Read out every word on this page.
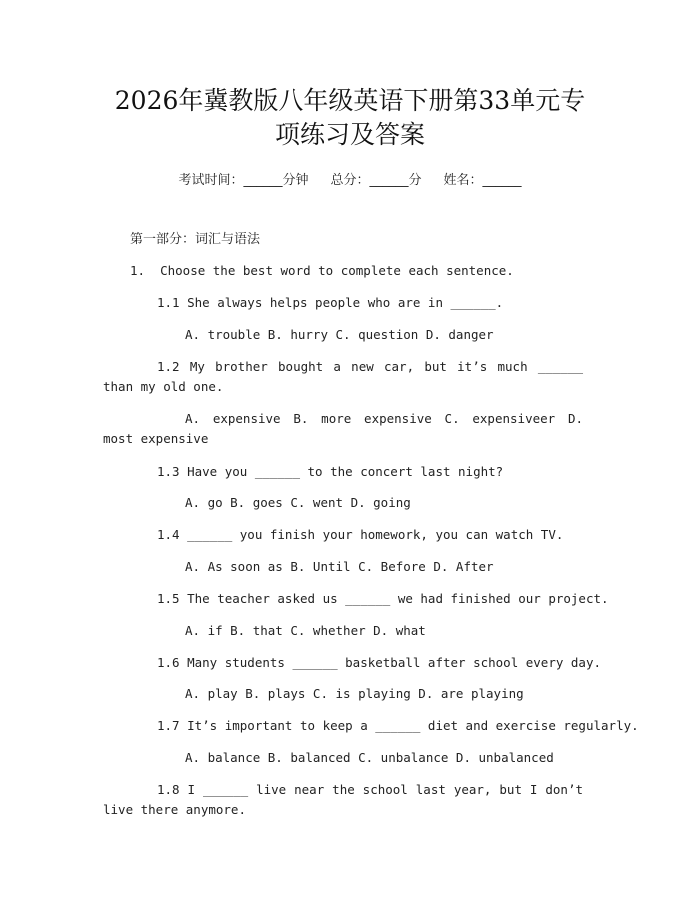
2026年冀教版八年级英语下册第33单元专
项练习及答案
考试时间：______分钟 总分：______分 姓名：______
第一部分：词汇与语法
1.  Choose the best word to complete each sentence.
1.1 She always helps people who are in ______.
A. trouble B. hurry C. question D. danger
1.2 My brother bought a new car, but it’s much ______ than my old one.
A. expensive B. more expensive C. expensiveer D. most expensive
1.3 Have you ______ to the concert last night?
A. go B. goes C. went D. going
1.4 ______ you finish your homework, you can watch TV.
A. As soon as B. Until C. Before D. After
1.5 The teacher asked us ______ we had finished our project.
A. if B. that C. whether D. what
1.6 Many students ______ basketball after school every day.
A. play B. plays C. is playing D. are playing
1.7 It’s important to keep a ______ diet and exercise regularly.
A. balance B. balanced C. unbalance D. unbalanced
1.8 I ______ live near the school last year, but I don’t live there anymore.
